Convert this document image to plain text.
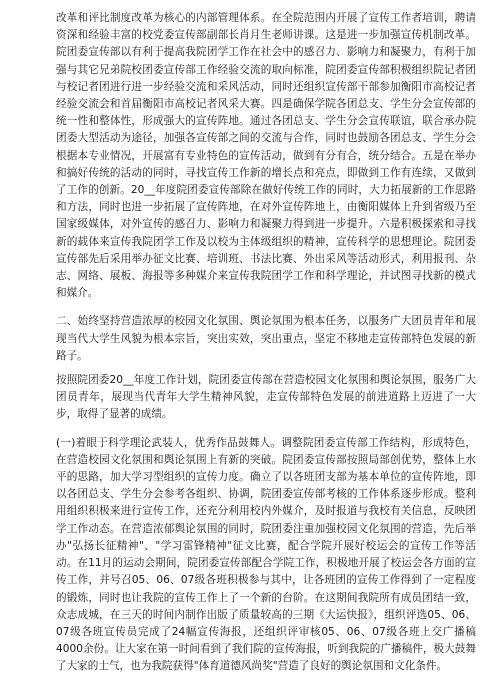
改革和评比制度改革为核心的内部管理体系。在全院范围内开展了宣传工作者培训，聘请资深和经验丰富的校党委宣传部副部长肖月生老师讲课。这是进一步加强宣传机制改革。院团委宣传部以有利于提高我院团学工作在社会中的感召力、影响力和凝聚力，有利于加强与其它兄弟院校团委宣传部工作经验交流的取向标准，院团委宣传部积极组织院记者团与校记者团进行进一步经验交流和采风活动，同时还组织宣传部干部参加衡阳市高校记者经验交流会和首届衡阳市高校记者风采大赛。四是确保学院各团总支、学生分会宣传部的统一性和整体性，形成强大的宣传阵地。通过各团总支、学生分会宣传联谊，联合承办院团委大型活动为途径，加强各宣传部之间的交流与合作，同时也鼓励各团总支、学生分会根据本专业情况，开展富有专业特色的宣传活动，做到有分有合，统分结合。五是在举办和搞好传统的活动的同时，寻找宣传工作新的增长点和亮点，即做到工作有连续，又做到了工作的创新。20__年度院团委宣传部除在做好传统工作的同时，大力拓展新的工作思路和方法，同时也进一步拓展了宣传阵地，在对外宣传阵地上，由衡阳媒体上升到省级乃至国家级媒体，对外宣传的感召力、影响力和凝聚力得到进一步提升。六是积极探索和寻找新的载体来宣传我院团学工作及以校为主体级组织的精神，宣传科学的思想理论。院团委宣传部先后采用举办征文比赛、培训班、书法比赛、外出采风等活动形式，利用报刊、杂志、网络、展板、海报等多种媒介来宣传我院团学工作和科学理论，并试图寻找新的模式和媒介。

二、始终坚持营造浓厚的校园文化氛围、舆论氛围为根本任务，以服务广大团员青年和展现当代大学生风貌为根本宗旨，突出实效，突出重点，坚定不移地走宣传部特色发展的新路子。

按照院团委20__年度工作计划，院团委宣传部在营造校园文化氛围和舆论氛围，服务广大团员青年，展现当代青年大学生精神风貌，走宣传部特色发展的前进道路上迈进了一大步，取得了显著的成绩。

(一)着眼于科学理论武装人，优秀作品鼓舞人。调整院团委宣传部工作结构，形成特色，在营造校园文化氛围和舆论氛围上有新的突破。院团委宣传部按照局部创优势，整体上水平的思路，加大学习型组织的宣传力度。确立了以各班团支部为基本单位的宣传阵地，即以各团总支、学生分会参考各组织、协调，院团委宣传部考核的工作体系逐步形成。整利用组织积极来进行宣传工作，还充分利用校内外媒介，及时报道与我校有关信息，反映团学工作动态。在营造浓郁舆论氛围的同时，院团委注重加强校园文化氛围的营造，先后举办"弘扬长征精神"、"学习雷锋精神"征文比赛，配合学院开展好校运会的宣传工作等活动。在11月的运动会期间，院团委宣传部配合学院工作，积极地开展了校运会各方面的宣传工作，并号召05、06、07级各班积极参与其中，让各班团的宣传工作得到了一定程度的锻炼，同时也让我院的宣传工作上了一个新的台阶。在这期间我院所有成员团结一致，众志成城，在三天的时间内制作出版了质量较高的三期《大运快报》，组织评选05、06、07级各班宣传员完成了24幅宣传海报，还组织评审核05、06、07级各班上交广播稿4000余份。让大家在第一时间看到了我们院的宣传海报，听到我院的广播稿件，极大鼓舞了大家的士气，也为我院获得"体育道德风尚奖"营造了良好的舆论氛围和文化条件。
